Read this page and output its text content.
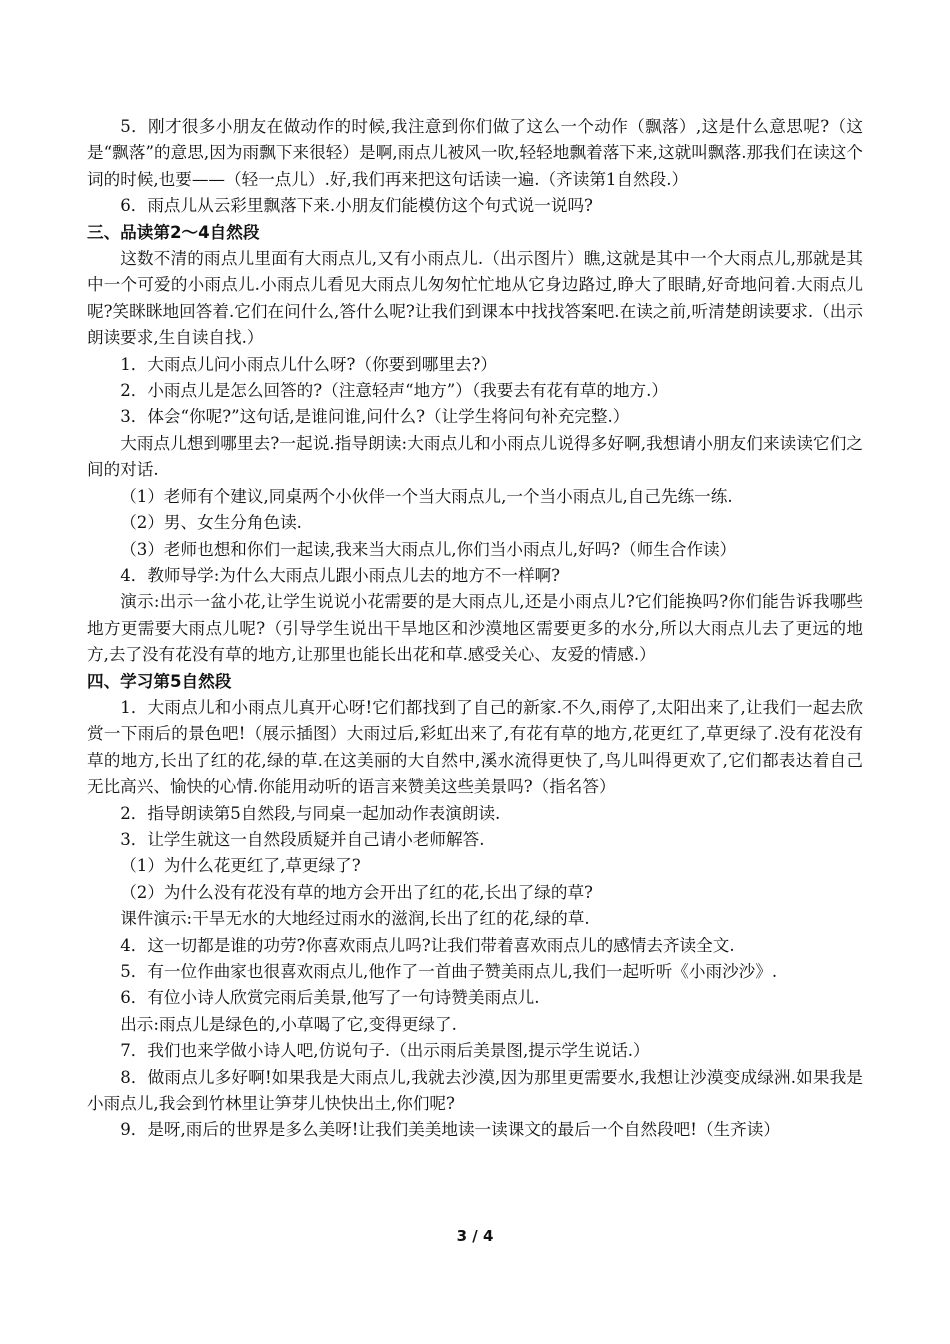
5．刚才很多小朋友在做动作的时候,我注意到你们做了这么一个动作（飘落）,这是什么意思呢?（这是“飘落”的意思,因为雨飘下来很轻）是啊,雨点儿被风一吹,轻轻地飘着落下来,这就叫飘落.那我们在读这个词的时候,也要——（轻一点儿）.好,我们再来把这句话读一遍.（齐读第1自然段.）

6．雨点儿从云彩里飘落下来.小朋友们能模仿这个句式说一说吗?

三、品读第2～4自然段

这数不清的雨点儿里面有大雨点儿,又有小雨点儿.（出示图片）瞧,这就是其中一个大雨点儿,那就是其中一个可爱的小雨点儿.小雨点儿看见大雨点儿匆匆忙忙地从它身边路过,睁大了眼睛,好奇地问着.大雨点儿呢?笑眯眯地回答着.它们在问什么,答什么呢?让我们到课本中找找答案吧.在读之前,听清楚朗读要求.（出示朗读要求,生自读自找.）

1．大雨点儿问小雨点儿什么呀?（你要到哪里去?）

2．小雨点儿是怎么回答的?（注意轻声“地方”）（我要去有花有草的地方.）

3．体会“你呢?”这句话,是谁问谁,问什么?（让学生将问句补充完整.）

大雨点儿想到哪里去?一起说.指导朗读:大雨点儿和小雨点儿说得多好啊,我想请小朋友们来读读它们之间的对话.

（1）老师有个建议,同桌两个小伙伴一个当大雨点儿,一个当小雨点儿,自己先练一练.

（2）男、女生分角色读.

（3）老师也想和你们一起读,我来当大雨点儿,你们当小雨点儿,好吗?（师生合作读）

4．教师导学:为什么大雨点儿跟小雨点儿去的地方不一样啊?

演示:出示一盆小花,让学生说说小花需要的是大雨点儿,还是小雨点儿?它们能换吗?你们能告诉我哪些地方更需要大雨点儿呢?（引导学生说出干旱地区和沙漠地区需要更多的水分,所以大雨点儿去了更远的地方,去了没有花没有草的地方,让那里也能长出花和草.感受关心、友爱的情感.）

四、学习第5自然段

1．大雨点儿和小雨点儿真开心呀!它们都找到了自己的新家.不久,雨停了,太阳出来了,让我们一起去欣赏一下雨后的景色吧!（展示插图）大雨过后,彩虹出来了,有花有草的地方,花更红了,草更绿了.没有花没有草的地方,长出了红的花,绿的草.在这美丽的大自然中,溪水流得更快了,鸟儿叫得更欢了,它们都表达着自己无比高兴、愉快的心情.你能用动听的语言来赞美这些美景吗?（指名答）

2．指导朗读第5自然段,与同桌一起加动作表演朗读.

3．让学生就这一自然段质疑并自己请小老师解答.

（1）为什么花更红了,草更绿了?

（2）为什么没有花没有草的地方会开出了红的花,长出了绿的草?

课件演示:干旱无水的大地经过雨水的滋润,长出了红的花,绿的草.

4．这一切都是谁的功劳?你喜欢雨点儿吗?让我们带着喜欢雨点儿的感情去齐读全文.

5．有一位作曲家也很喜欢雨点儿,他作了一首曲子赞美雨点儿,我们一起听听《小雨沙沙》.

6．有位小诗人欣赏完雨后美景,他写了一句诗赞美雨点儿.

出示:雨点儿是绿色的,小草喝了它,变得更绿了.

7．我们也来学做小诗人吧,仿说句子.（出示雨后美景图,提示学生说话.）

8．做雨点儿多好啊!如果我是大雨点儿,我就去沙漠,因为那里更需要水,我想让沙漠变成绿洲.如果我是小雨点儿,我会到竹林里让笋芽儿快快出土,你们呢?

9．是呀,雨后的世界是多么美呀!让我们美美地读一读课文的最后一个自然段吧!（生齐读）

3 / 4
